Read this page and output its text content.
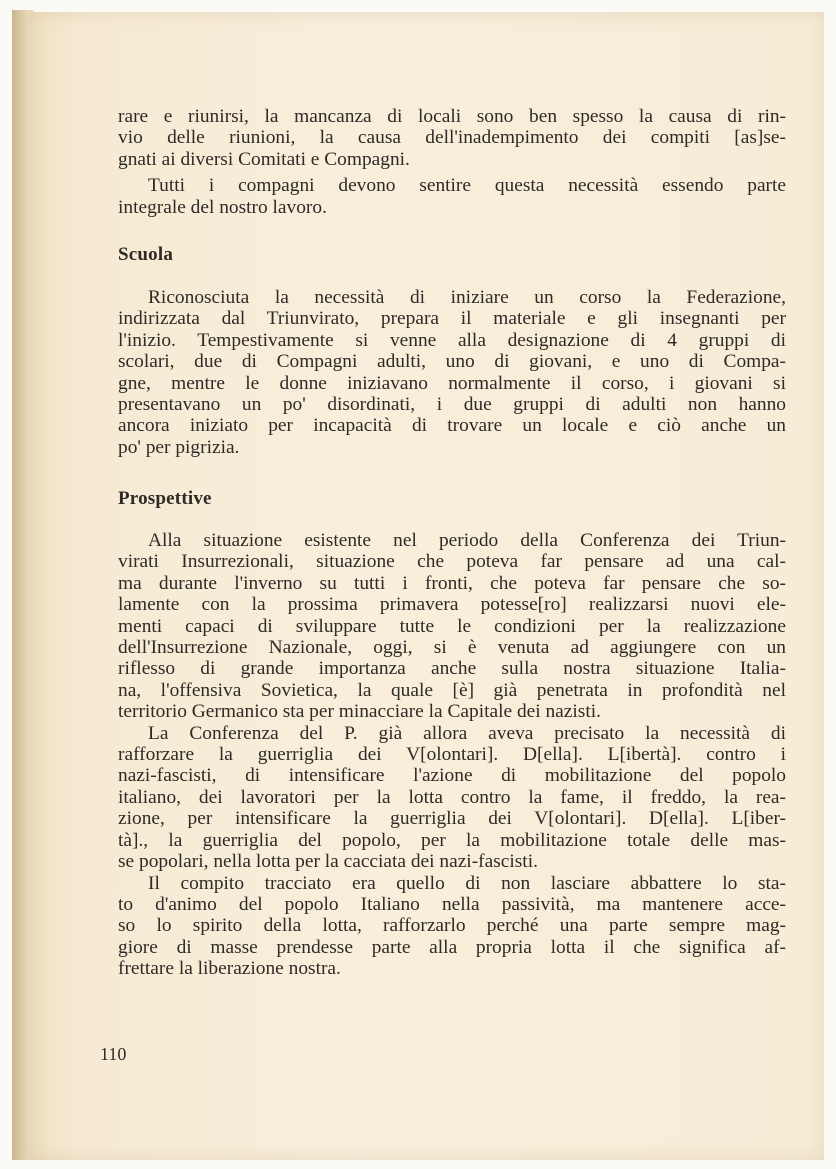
rare e riunirsi, la mancanza di locali sono ben spesso la causa di rin-
vio delle riunioni, la causa dell'inadempimento dei compiti [as]se-
gnati ai diversi Comitati e Compagni.
Tutti i compagni devono sentire questa necessità essendo parte
integrale del nostro lavoro.
Scuola
Riconosciuta la necessità di iniziare un corso la Federazione,
indirizzata dal Triunvirato, prepara il materiale e gli insegnanti per
l'inizio. Tempestivamente si venne alla designazione di 4 gruppi di
scolari, due di Compagni adulti, uno di giovani, e uno di Compa-
gne, mentre le donne iniziavano normalmente il corso, i giovani si
presentavano un po' disordinati, i due gruppi di adulti non hanno
ancora iniziato per incapacità di trovare un locale e ciò anche un
po' per pigrizia.
Prospettive
Alla situazione esistente nel periodo della Conferenza dei Triun-
virati Insurrezionali, situazione che poteva far pensare ad una cal-
ma durante l'inverno su tutti i fronti, che poteva far pensare che so-
lamente con la prossima primavera potesse[ro] realizzarsi nuovi ele-
menti capaci di sviluppare tutte le condizioni per la realizzazione
dell'Insurrezione Nazionale, oggi, si è venuta ad aggiungere con un
riflesso di grande importanza anche sulla nostra situazione Italia-
na, l'offensiva Sovietica, la quale [è] già penetrata in profondità nel
territorio Germanico sta per minacciare la Capitale dei nazisti.
La Conferenza del P. già allora aveva precisato la necessità di
rafforzare la guerriglia dei V[olontari]. D[ella]. L[ibertà]. contro i
nazi-fascisti, di intensificare l'azione di mobilitazione del popolo
italiano, dei lavoratori per la lotta contro la fame, il freddo, la rea-
zione, per intensificare la guerriglia dei V[olontari]. D[ella]. L[iber-
tà]., la guerriglia del popolo, per la mobilitazione totale delle mas-
se popolari, nella lotta per la cacciata dei nazi-fascisti.
Il compito tracciato era quello di non lasciare abbattere lo sta-
to d'animo del popolo Italiano nella passività, ma mantenere acce-
so lo spirito della lotta, rafforzarlo perché una parte sempre mag-
giore di masse prendesse parte alla propria lotta il che significa af-
frettare la liberazione nostra.
110
